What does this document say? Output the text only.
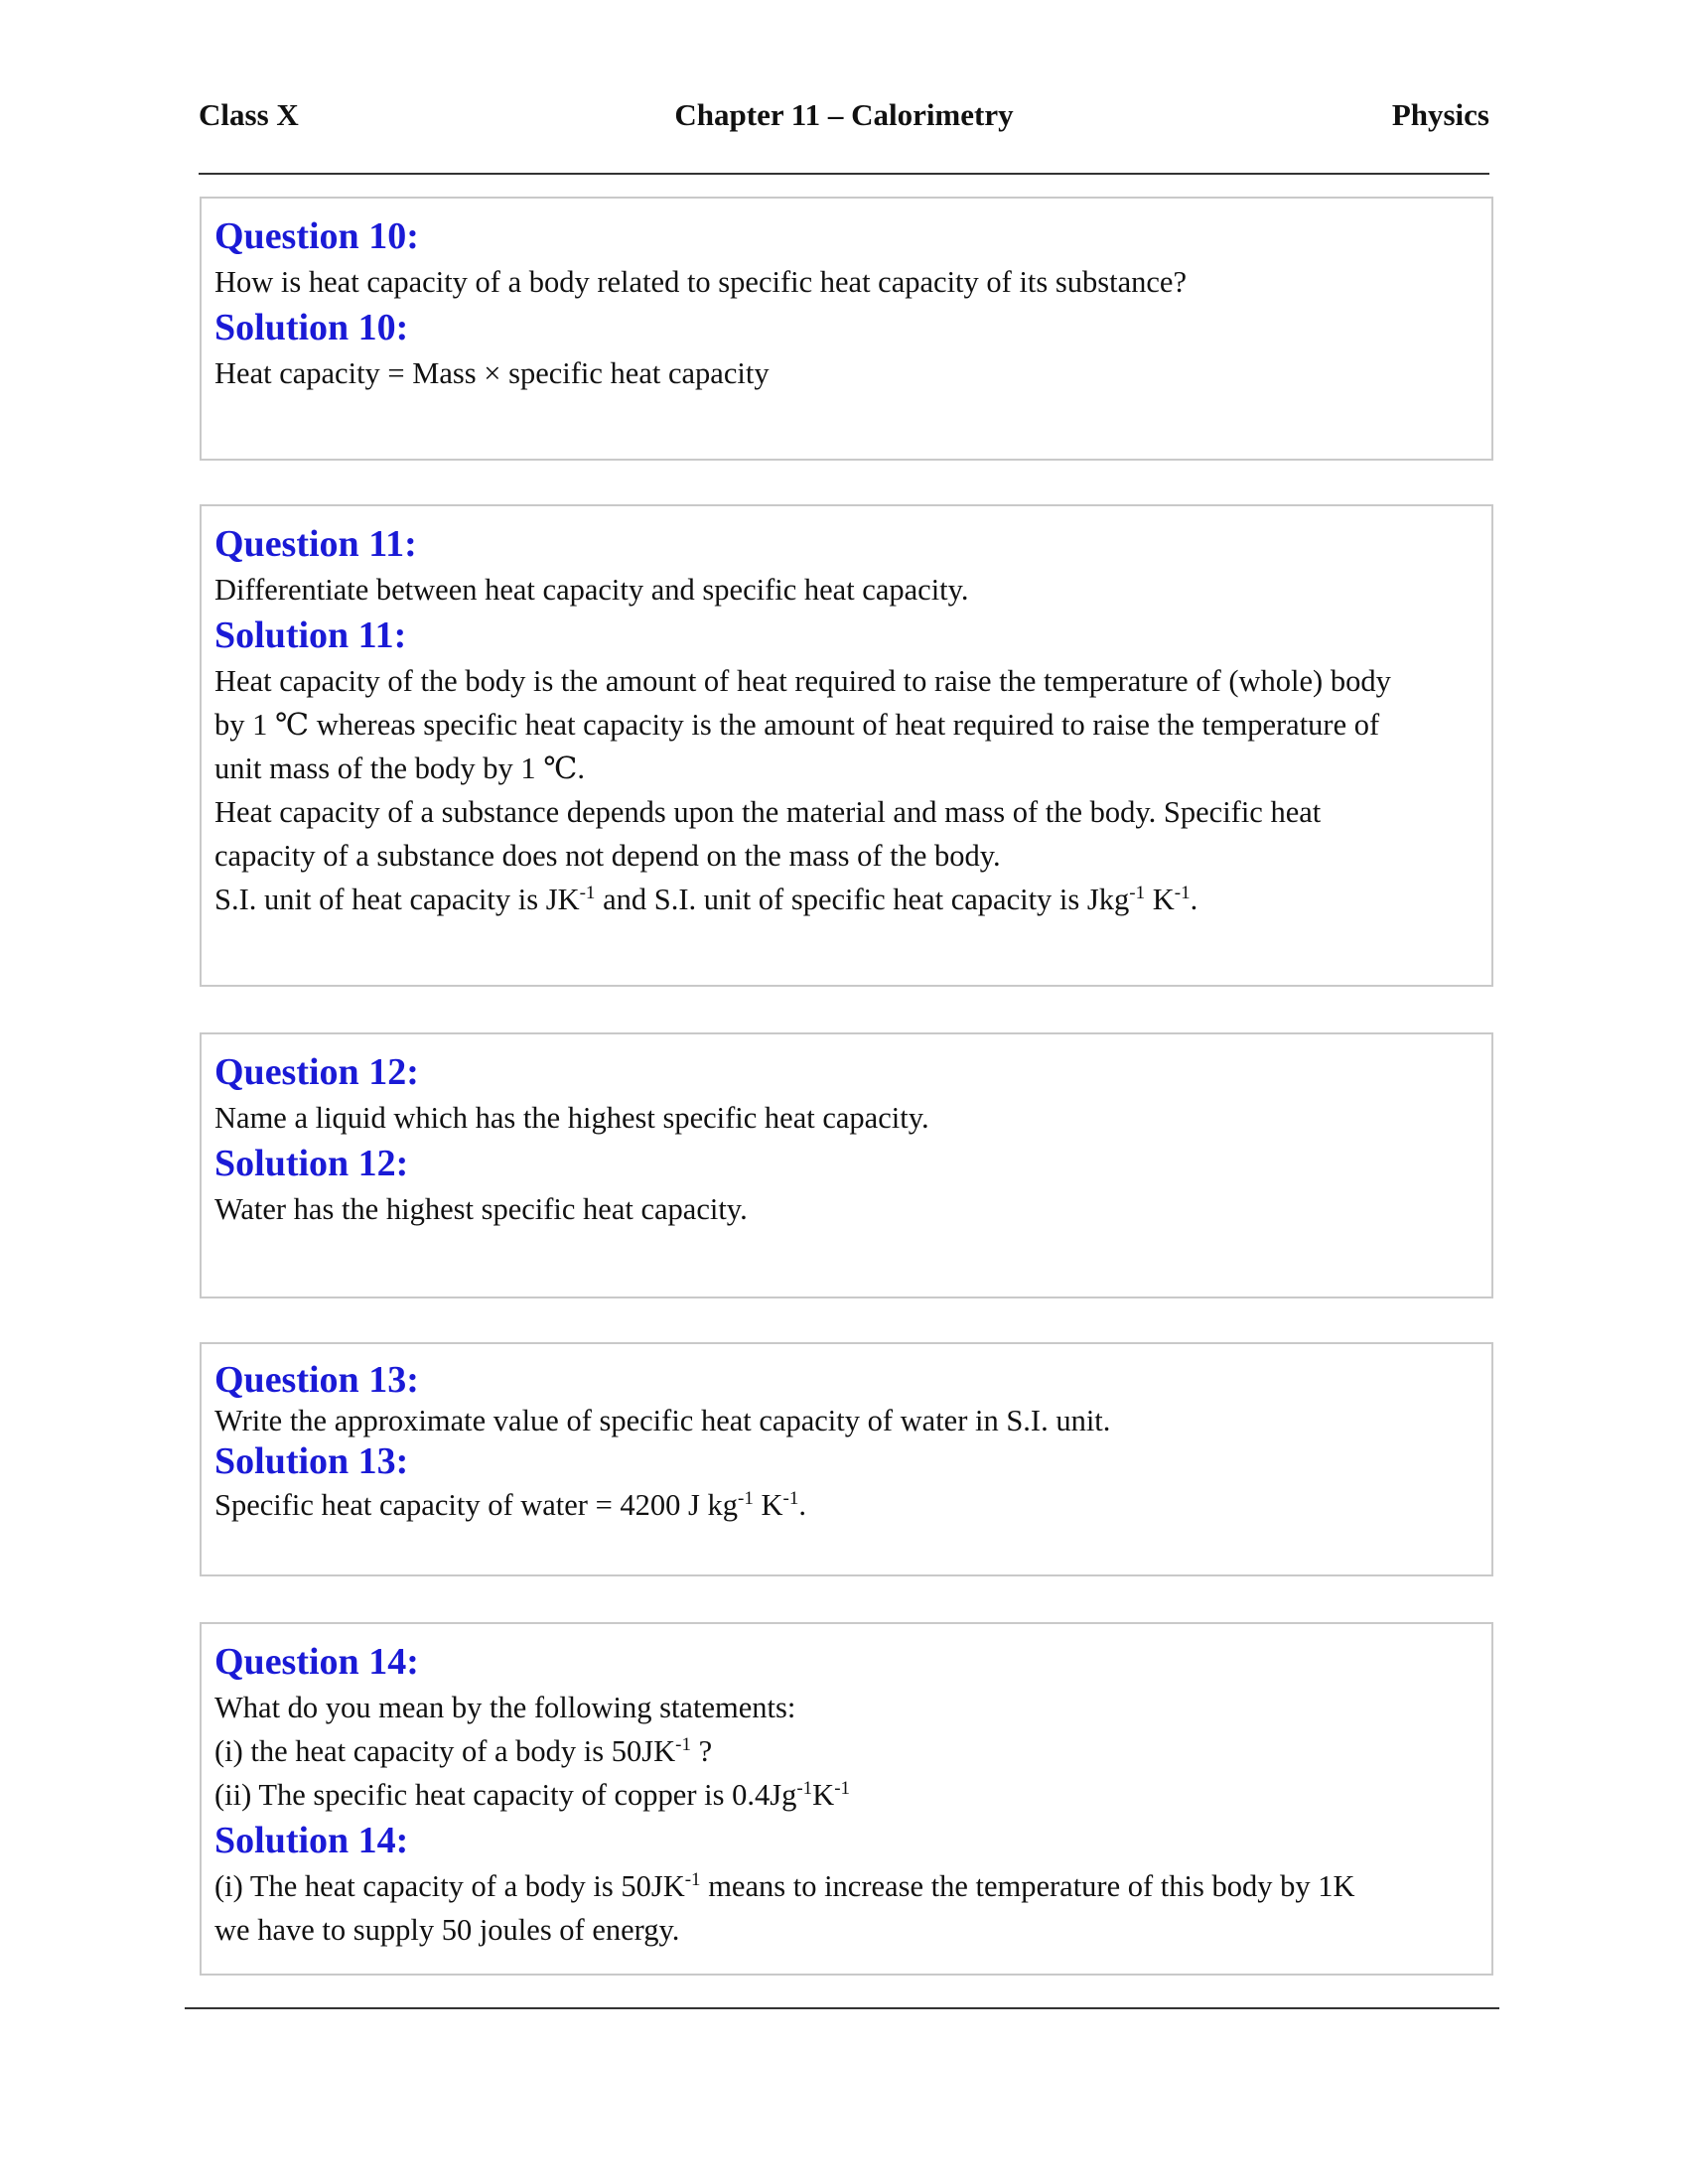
Class X	Chapter 11 – Calorimetry	Physics
Question 10:
How is heat capacity of a body related to specific heat capacity of its substance?
Solution 10:
Heat capacity = Mass × specific heat capacity
Question 11:
Differentiate between heat capacity and specific heat capacity.
Solution 11:
Heat capacity of the body is the amount of heat required to raise the temperature of (whole) body
by 1 ℃ whereas specific heat capacity is the amount of heat required to raise the temperature of
unit mass of the body by 1 ℃.
Heat capacity of a substance depends upon the material and mass of the body. Specific heat
capacity of a substance does not depend on the mass of the body.
S.I. unit of heat capacity is $JK^{-1}$ and S.I. unit of specific heat capacity is Jkg$^{-1}$ $K^{-1}$.
Question 12:
Name a liquid which has the highest specific heat capacity.
Solution 12:
Water has the highest specific heat capacity.
Question 13:
Write the approximate value of specific heat capacity of water in S.I. unit.
Solution 13:
Specific heat capacity of water = 4200 J $kg^{-1}$ $K^{-1}$.
Question 14:
What do you mean by the following statements:
(i) the heat capacity of a body is $50JK^{-1}$ ?
(ii) The specific heat capacity of copper is $0.4Jg^{-1}K^{-1}$
Solution 14:
(i) The heat capacity of a body is $50JK^{-1}$ means to increase the temperature of this body by 1K
we have to supply 50 joules of energy.
